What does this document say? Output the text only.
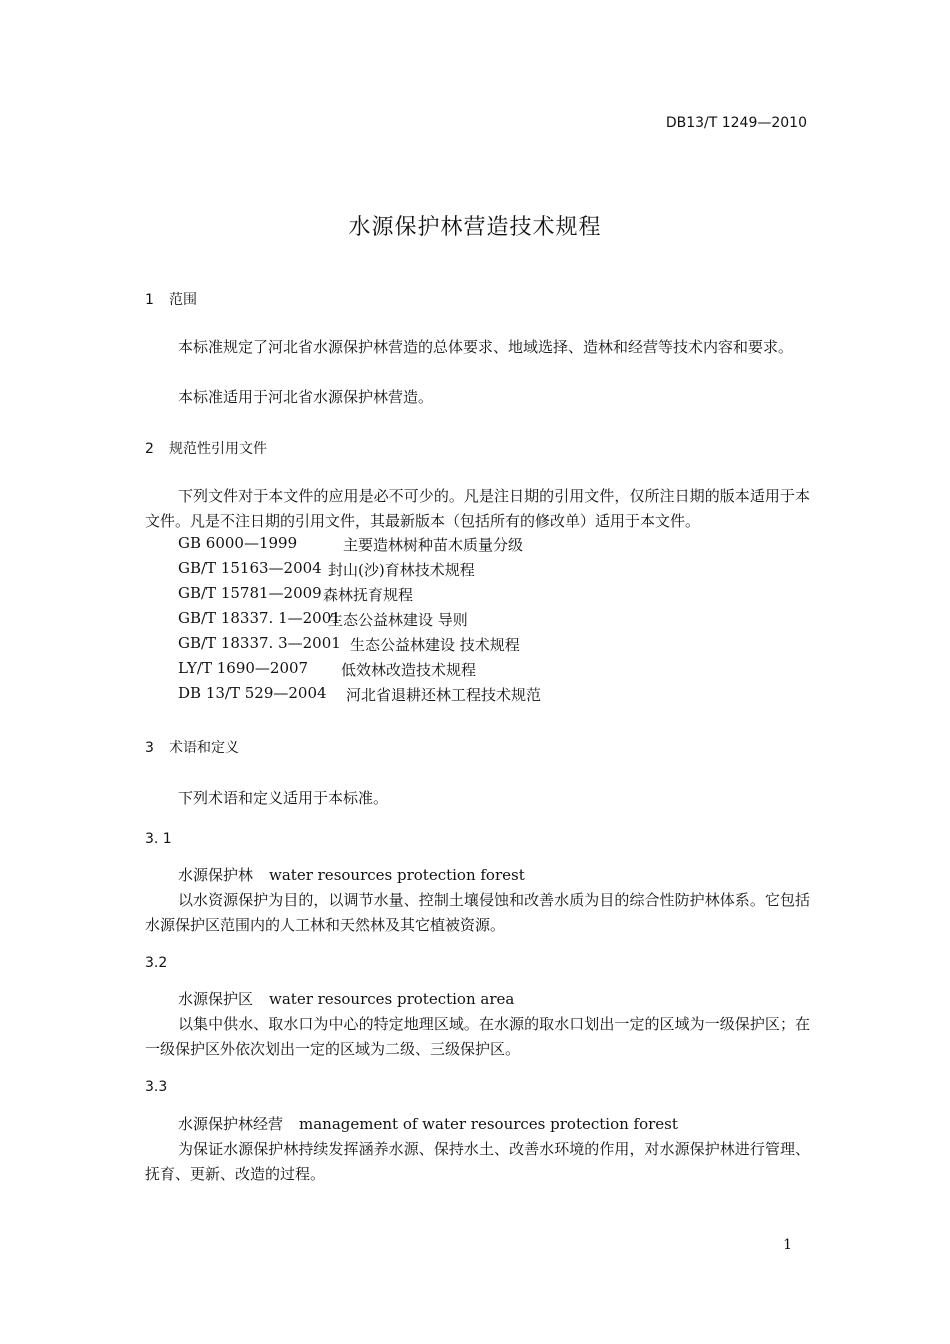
DB13/T 1249—2010
水源保护林营造技术规程
1 范围
本标准规定了河北省水源保护林营造的总体要求、地域选择、造林和经营等技术内容和要求。
本标准适用于河北省水源保护林营造。
2 规范性引用文件
下列文件对于本文件的应用是必不可少的。凡是注日期的引用文件，仅所注日期的版本适用于本文件。凡是不注日期的引用文件，其最新版本（包括所有的修改单）适用于本文件。
GB 6000—1999	主要造林树种苗木质量分级
GB/T 15163—2004 封山(沙)育林技术规程
GB/T 15781—2009 森林抚育规程
GB/T 18337. 1—2001
生态公益林建设 导则
GB/T 18337. 3—2001 生态公益林建设 技术规程
LY/T 1690—2007 低效林改造技术规程
DB 13/T 529—2004 河北省退耕还林工程技术规范
3 术语和定义
下列术语和定义适用于本标准。
3. 1
水源保护林 water resources protection forest
以水资源保护为目的，以调节水量、控制土壤侵蚀和改善水质为目的综合性防护林体系。它包括水源保护区范围内的人工林和天然林及其它植被资源。
3.2
水源保护区 water resources protection area
以集中供水、取水口为中心的特定地理区域。在水源的取水口划出一定的区域为一级保护区；在一级保护区外依次划出一定的区域为二级、三级保护区。
3.3
水源保护林经营 management of water resources protection forest
为保证水源保护林持续发挥涵养水源、保持水土、改善水环境的作用，对水源保护林进行管理、抚育、更新、改造的过程。
1
